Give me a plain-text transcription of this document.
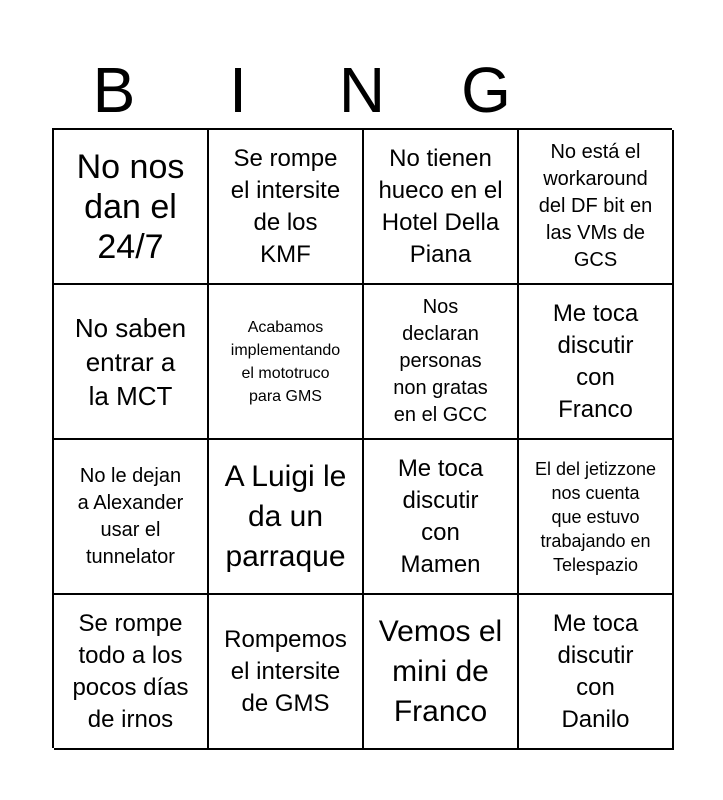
B	I	N	G
No nos
dan el
24/7
Se rompe
el intersite
de los
KMF
No tienen
hueco en el
Hotel Della
Piana
No está el
workaround
del DF bit en
las VMs de
GCS
No saben
entrar a
la MCT
Acabamos
implementando
el mototruco
para GMS
Nos
declaran
personas
non gratas
en el GCC
Me toca
discutir
con
Franco
No le dejan
a Alexander
usar el
tunnelator
A Luigi le
da un
parraque
Me toca
discutir
con
Mamen
El del jetizzone
nos cuenta
que estuvo
trabajando en
Telespazio
Se rompe
todo a los
pocos días
de irnos
Rompemos
el intersite
de GMS
Vemos el
mini de
Franco
Me toca
discutir
con
Danilo
